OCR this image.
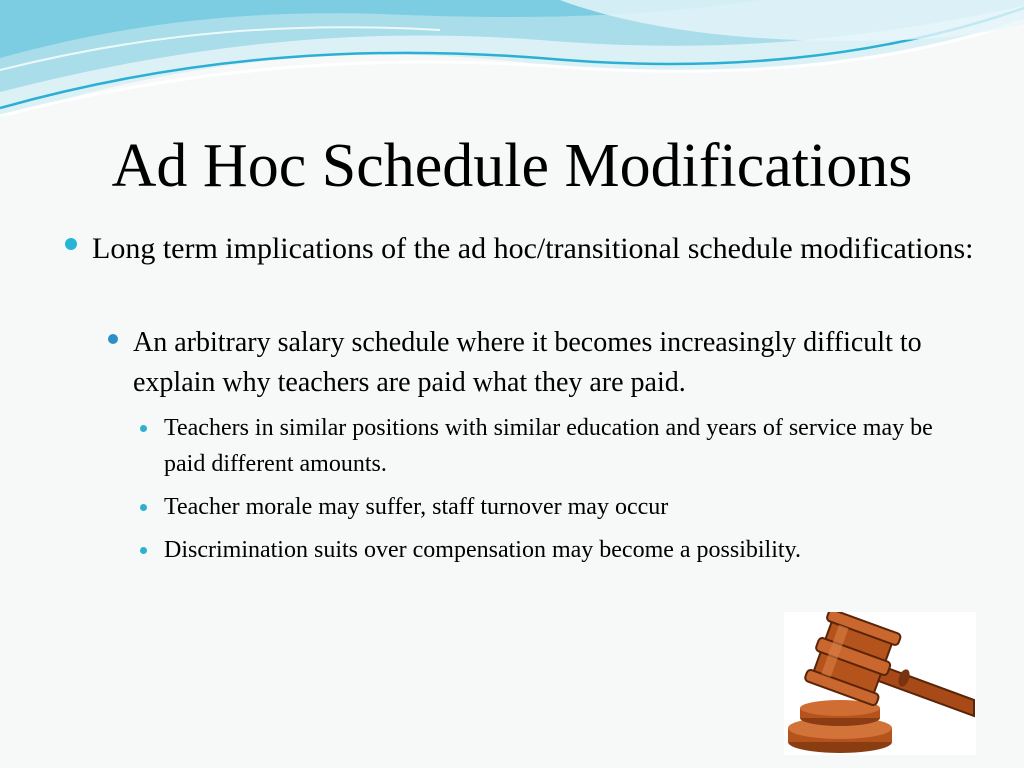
Ad Hoc Schedule Modifications

Long term implications of the ad hoc/transitional schedule modifications:

An arbitrary salary schedule where it becomes increasingly difficult to explain why teachers are paid what they are paid.

Teachers in similar positions with similar education and years of service may be paid different amounts.

Teacher morale may suffer, staff turnover may occur

Discrimination suits over compensation may become a possibility.
